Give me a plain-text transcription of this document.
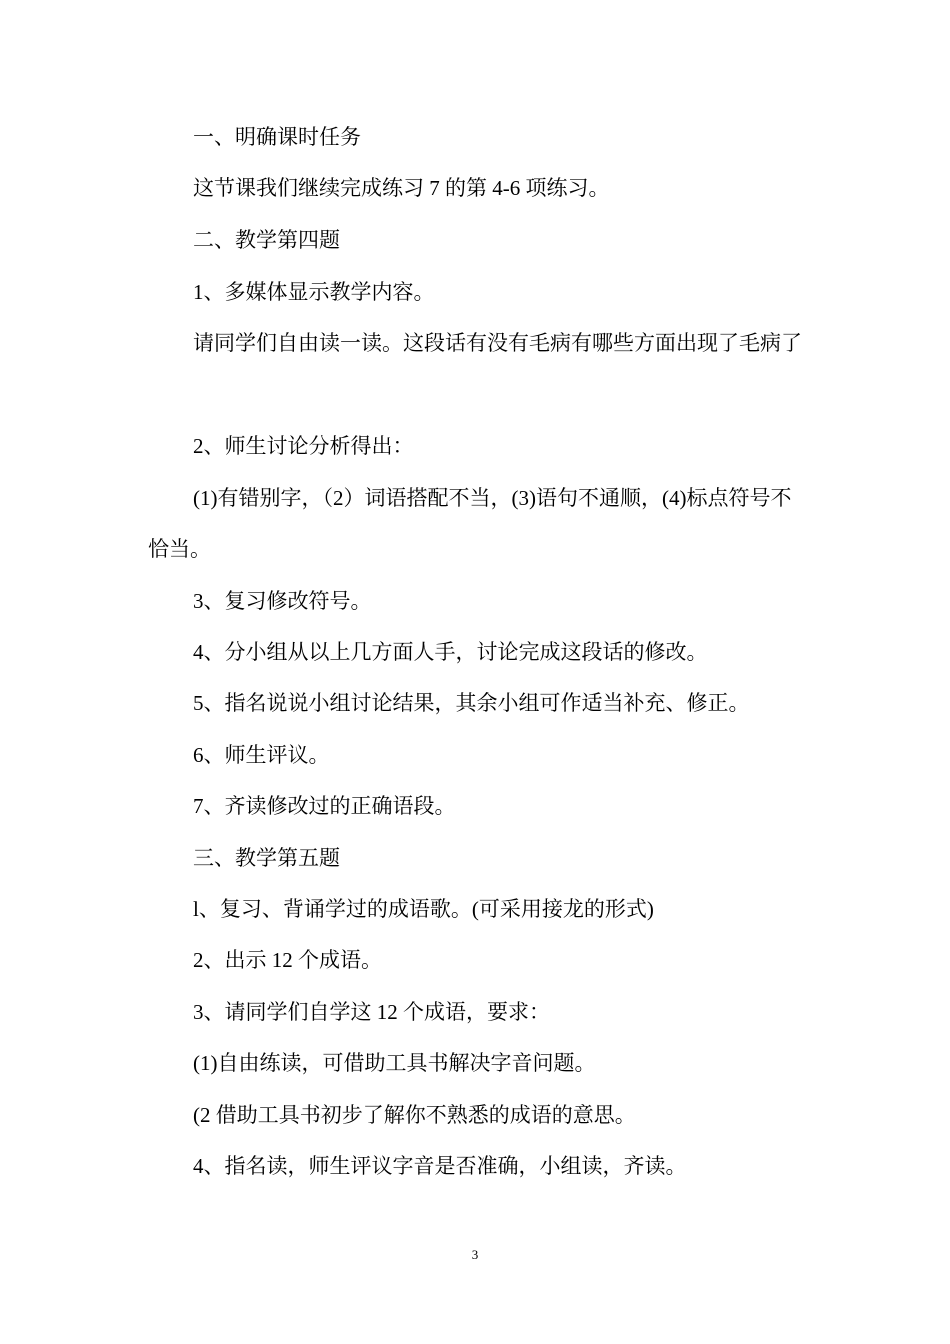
一、明确课时任务

这节课我们继续完成练习 7 的第 4-6 项练习。

二、教学第四题

1、多媒体显示教学内容。

请同学们自由读一读。这段话有没有毛病有哪些方面出现了毛病了

2、师生讨论分析得出：

(1)有错别字，（2）词语搭配不当，(3)语句不通顺，(4)标点符号不恰当。

3、复习修改符号。

4、分小组从以上几方面人手，讨论完成这段话的修改。

5、指名说说小组讨论结果，其余小组可作适当补充、修正。

6、师生评议。

7、齐读修改过的正确语段。

三、教学第五题

l、复习、背诵学过的成语歌。(可采用接龙的形式)

2、出示 12 个成语。

3、请同学们自学这 12 个成语，要求：

(1)自由练读，可借助工具书解决字音问题。

(2 借助工具书初步了解你不熟悉的成语的意思。

4、指名读，师生评议字音是否准确，小组读，齐读。

3
